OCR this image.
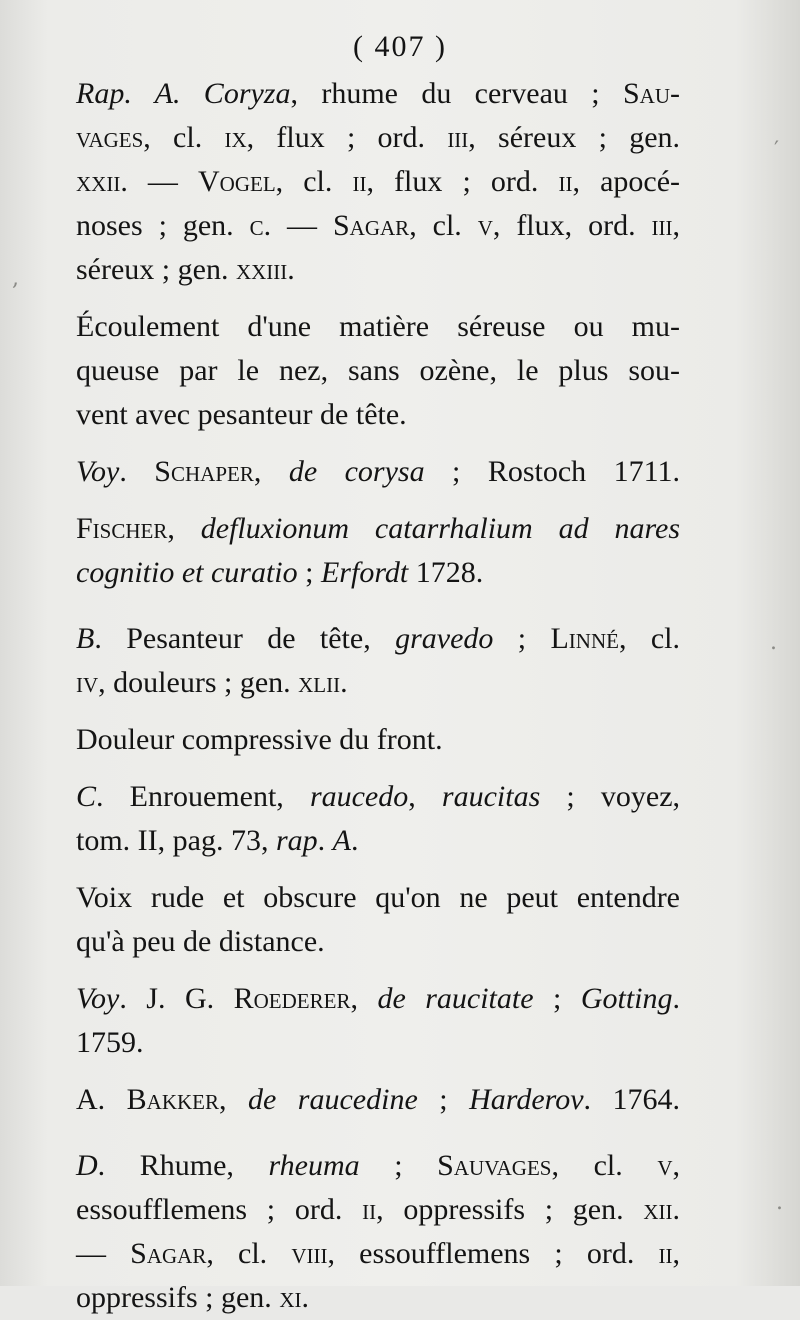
( 407 )
Rap. A. Coryza, rhume du cerveau ; Sau-
vages, cl. ix, flux ; ord. iii, séreux ; gen.
xxii. — Vogel, cl. ii, flux ; ord. ii, apocé-
noses ; gen. c. — Sagar, cl. v, flux, ord. iii,
séreux ; gen. xxiii.
Écoulement d'une matière séreuse ou mu-
queuse par le nez, sans ozène, le plus sou-
vent avec pesanteur de tête.
Voy. Schaper, de corysa ; Rostoch 1711.
Fischer, defluxionum catarrhalium ad nares
cognitio et curatio ; Erfordt 1728.
B. Pesanteur de tête, gravedo ; Linné, cl.
iv, douleurs ; gen. xlii.
Douleur compressive du front.
C. Enrouement, raucedo, raucitas ; voyez,
tom. II, pag. 73, rap. A.
Voix rude et obscure qu'on ne peut entendre
qu'à peu de distance.
Voy. J. G. Roederer, de raucitate ; Gotting.
1759.
A. Bakker, de raucedine ; Harderov. 1764.
D. Rhume, rheuma ; Sauvages, cl. v,
essoufflemens ; ord. ii, oppressifs ; gen. xii.
— Sagar, cl. viii, essoufflemens ; ord. ii,
oppressifs ; gen. xi.
′
,
.
.
